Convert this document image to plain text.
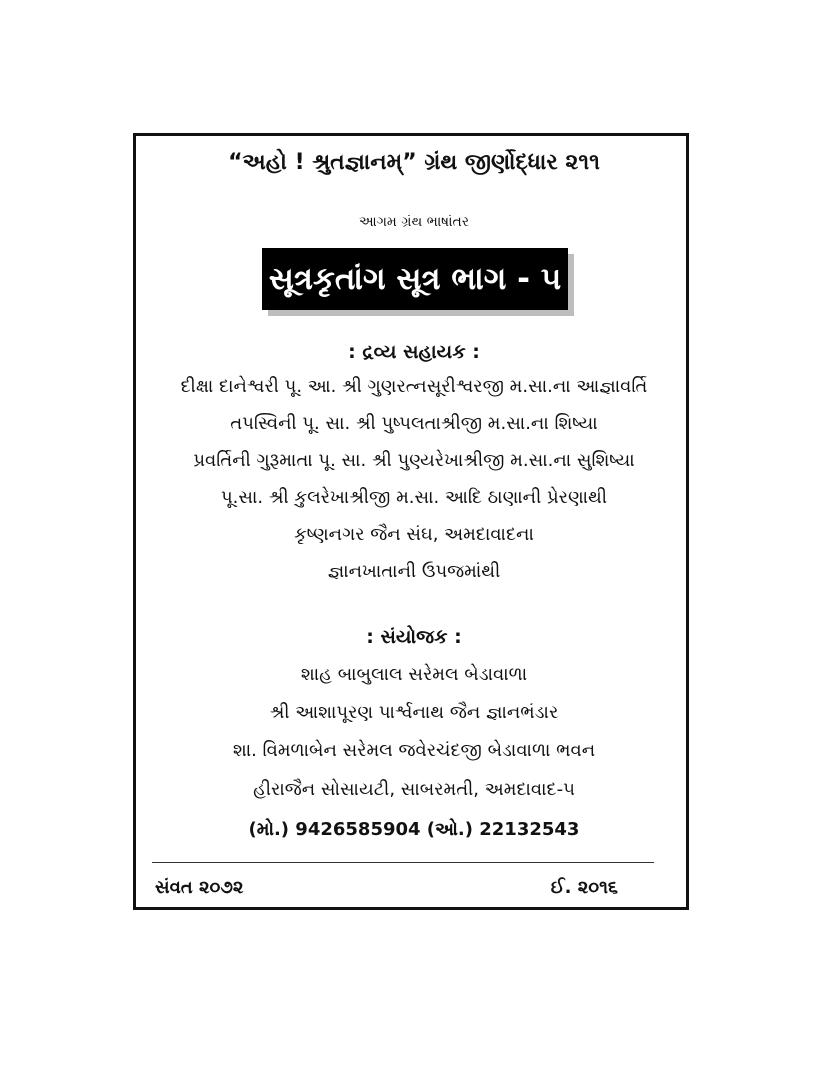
“અહો ! શ્રુતજ્ઞાનમ્” ગ્રંથ જીર્ણોદ્ધાર ૨૧૧
આગમ ગ્રંથ ભાષાંતર
સૂત્રકૃતાંગ સૂત્ર ભાગ - ૫
: દ્રવ્ય સહાયક :
દીક્ષા દાનેશ્વરી પૂ. આ. શ્રી ગુણરત્નસૂરીશ્વરજી મ.સા.ના આજ્ઞાવર્તિ
તપસ્વિની પૂ. સા. શ્રી પુષ્પલતાશ્રીજી મ.સા.ના શિષ્યા
પ્રવર્તિની ગુરૂમાતા પૂ. સા. શ્રી પુણ્યરેખાશ્રીજી મ.સા.ના સુશિષ્યા
પૂ.સા. શ્રી કુલરેખાશ્રીજી મ.સા. આદિ ઠાણાની પ્રેરણાથી
કૃષ્ણનગર જૈન સંઘ, અમદાવાદના
જ્ઞાનખાતાની ઉપજમાંથી
: સંયોજક :
શાહ બાબુલાલ સરેમલ બેડાવાળા
શ્રી આશાપૂરણ પાર્શ્વનાથ જૈન જ્ઞાનભંડાર
શા. વિમળાબેન સરેમલ જવેરચંદજી બેડાવાળા ભવન
હીરાજૈન સોસાયટી, સાબરમતી, અમદાવાદ-૫
(મો.) 9426585904 (ઓ.) 22132543
સંવત ૨૦૭૨	ઈ. ૨૦૧૬
